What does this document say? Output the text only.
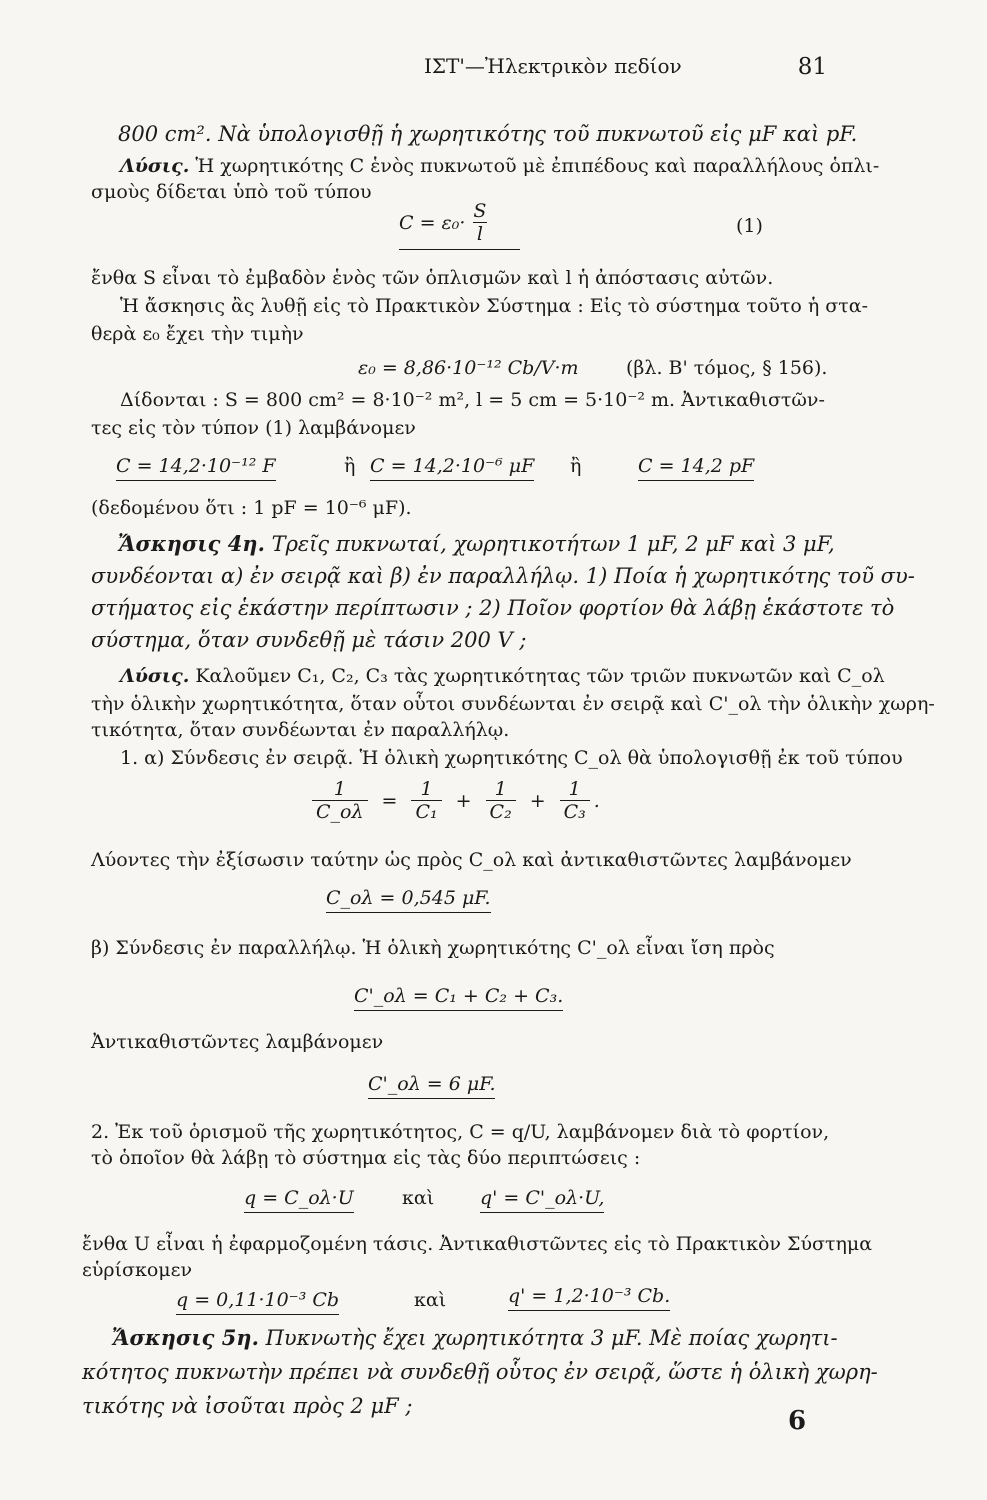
ΙΣΤ'—Ἠλεκτρικὸν πεδίον	81
800 cm². Νὰ ὑπολογισθῇ ἡ χωρητικότης τοῦ πυκνωτοῦ εἰς μF καὶ pF.
Λύσις. Ἡ χωρητικότης C ἑνὸς πυκνωτοῦ μὲ ἐπιπέδους καὶ παραλλήλους ὁπλι-
σμοὺς δίδεται ὑπὸ τοῦ τύπου
$C = \varepsilon_0\cdot \frac{S}{l}$	(1)
ἔνθα S εἶναι τὸ ἐμβαδὸν ἑνὸς τῶν ὁπλισμῶν καὶ l ἡ ἀπόστασις αὐτῶν.
Ἡ ἄσκησις ἂς λυθῇ εἰς τὸ Πρακτικὸν Σύστημα : Εἰς τὸ σύστημα τοῦτο ἡ στα-
θερὰ ε₀ ἔχει τὴν τιμὴν
ε₀ = 8,86·10⁻¹² Cb/V·m (βλ. Β' τόμος, § 156).
Δίδονται : S = 800 cm² = 8·10⁻² m², l = 5 cm = 5·10⁻² m. Ἀντικαθιστῶν-
τες εἰς τὸν τύπον (1) λαμβάνομεν
C = 14,2·10⁻¹² F	ἢ C = 14,2·10⁻⁶ μF ἢ	C = 14,2 pF
(δεδομένου ὅτι : 1 pF = 10⁻⁶ μF).
Ἄσκησις 4η. Τρεῖς πυκνωταί, χωρητικοτήτων 1 μF, 2 μF καὶ 3 μF,
συνδέονται α) ἐν σειρᾷ καὶ β) ἐν παραλλήλῳ. 1) Ποία ἡ χωρητικότης τοῦ συ-
στήματος εἰς ἑκάστην περίπτωσιν ; 2) Ποῖον φορτίον θὰ λάβῃ ἑκάστοτε τὸ
σύστημα, ὅταν συνδεθῇ μὲ τάσιν 200 V ;
Λύσις. Καλοῦμεν C₁, C₂, C₃ τὰς χωρητικότητας τῶν τριῶν πυκνωτῶν καὶ C_ολ
τὴν ὁλικὴν χωρητικότητα, ὅταν οὗτοι συνδέωνται ἐν σειρᾷ καὶ C'_ολ τὴν ὁλικὴν χωρη-
τικότητα, ὅταν συνδέωνται ἐν παραλλήλῳ.
1. α) Σύνδεσις ἐν σειρᾷ. Ἡ ὁλικὴ χωρητικότης C_ολ θὰ ὑπολογισθῇ ἐκ τοῦ τύπου
$\frac{1}{C\_o\lambda} = \frac{1}{\text{C₁}} + \frac{1}{\text{C₂}} + \frac{1}{\text{C₃}}$ .
Λύοντες τὴν ἐξίσωσιν ταύτην ὡς πρὸς C_ολ καὶ ἀντικαθιστῶντες λαμβάνομεν
C_ολ = 0,545 μF.
β) Σύνδεσις ἐν παραλλήλῳ. Ἡ ὁλικὴ χωρητικότης C'_ολ εἶναι ἴση πρὸς
C'_ολ = C₁ + C₂ + C₃.
Ἀντικαθιστῶντες λαμβάνομεν
C'_ολ = 6 μF.
2. Ἐκ τοῦ ὁρισμοῦ τῆς χωρητικότητος, C = q/U, λαμβάνομεν διὰ τὸ φορτίον,
τὸ ὁποῖον θὰ λάβῃ τὸ σύστημα εἰς τὰς δύο περιπτώσεις :
q = C_ολ·U	καὶ q' = C'_ολ·U,
ἔνθα U εἶναι ἡ ἐφαρμοζομένη τάσις. Ἀντικαθιστῶντες εἰς τὸ Πρακτικὸν Σύστημα
εὑρίσκομεν
q = 0,11·10⁻³ Cb	καὶ	q' = 1,2·10⁻³ Cb.
Ἄσκησις 5η. Πυκνωτὴς ἔχει χωρητικότητα 3 μF. Μὲ ποίας χωρητι-
κότητος πυκνωτὴν πρέπει νὰ συνδεθῇ οὗτος ἐν σειρᾷ, ὥστε ἡ ὁλικὴ χωρη-
τικότης νὰ ἰσοῦται πρὸς 2 μF ;	6
